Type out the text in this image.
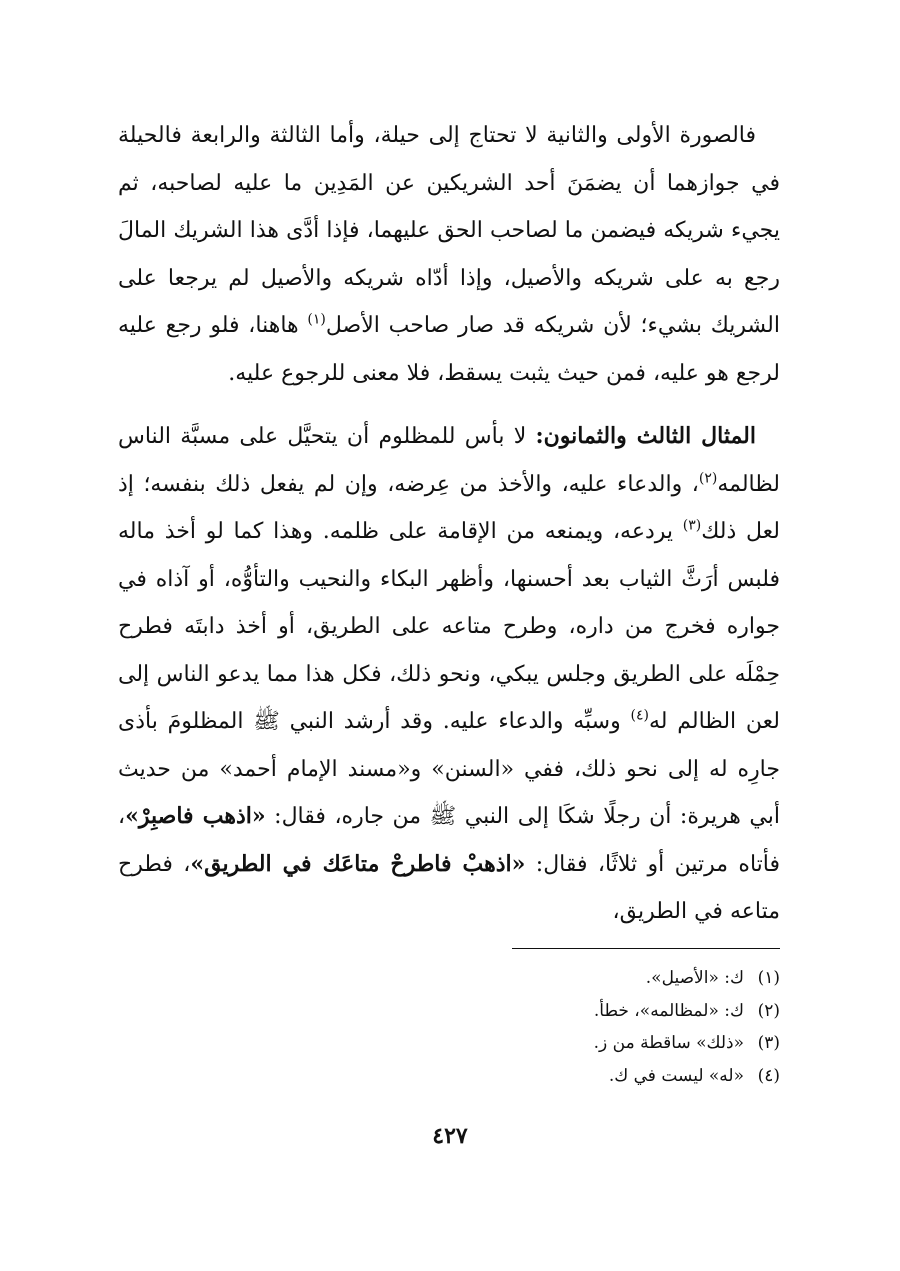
فالصورة الأولى والثانية لا تحتاج إلى حيلة، وأما الثالثة والرابعة فالحيلة في جوازهما أن يضمَنَ أحد الشريكين عن المَدِين ما عليه لصاحبه، ثم يجيء شريكه فيضمن ما لصاحب الحق عليهما، فإذا أدَّى هذا الشريك المالَ رجع به على شريكه والأصيل، وإذا أدّاه شريكه والأصيل لم يرجعا على الشريك بشيء؛ لأن شريكه قد صار صاحب الأصل$^{(١)}$ هاهنا، فلو رجع عليه لرجع هو عليه، فمن حيث يثبت يسقط، فلا معنى للرجوع عليه.

المثال الثالث والثمانون: لا بأس للمظلوم أن يتحيَّل على مسبَّة الناس لظالمه$^{(٢)}$، والدعاء عليه، والأخذ من عِرضه، وإن لم يفعل ذلك بنفسه؛ إذ لعل ذلك$^{(٣)}$ يردعه، ويمنعه من الإقامة على ظلمه. وهذا كما لو أخذ ماله فلبس أرَثَّ الثياب بعد أحسنها، وأظهر البكاء والنحيب والتأوُّه، أو آذاه في جواره فخرج من داره، وطرح متاعه على الطريق، أو أخذ دابتَه فطرح حِمْلَه على الطريق وجلس يبكي، ونحو ذلك، فكل هذا مما يدعو الناس إلى لعن الظالم له$^{(٤)}$ وسبِّه والدعاء عليه. وقد أرشد النبي ﷺ المظلومَ بأذى جارِه له إلى نحو ذلك، ففي «السنن» و«مسند الإمام أحمد» من حديث أبي هريرة: أن رجلًا شكَا إلى النبي ﷺ من جاره، فقال: «اذهب فاصبِرْ»، فأتاه مرتين أو ثلاثًا، فقال: «اذهبْ فاطرحْ متاعَك في الطريق»، فطرح متاعه في الطريق،

(١)ك: «الأصيل».
(٢)ك: «لمظالمه»، خطأ.
(٣)«ذلك» ساقطة من ز.
(٤)«له» ليست في ك.
٤٢٧
